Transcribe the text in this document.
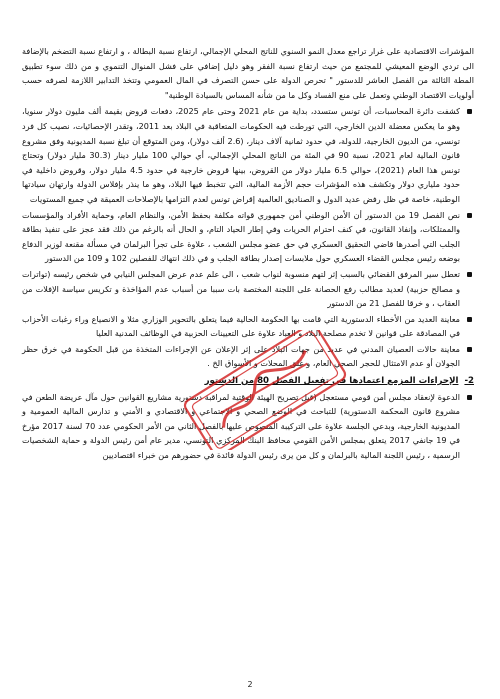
المؤشرات الاقتصادية على غرار تراجع معدل النمو السنوي للناتج المحلي الإجمالي، ارتفاع نسبة البطالة ، و ارتفاع نسبة التضخم بالإضافة الى تردي الوضع المعيشي للمجتمع من حيث ارتفاع نسبة الفقر وهو دليل إضافي على فشل المنوال التنموي و من ذلك سوء تطبيق المطة الثالثة من الفصل العاشر للدستور " تحرص الدولة على حسن التصرف في المال العمومي وتتخذ التدابير اللازمة لصرفه حسب أولويات الاقتصاد الوطني وتعمل على منع الفساد وكل ما من شأنه المساس بالسيادة الوطنية"

كشفت دائرة المحاسبات، أن تونس ستسدد، بداية من عام 2021 وحتى عام 2025، دفعات قروض بقيمة ألف مليون دولار سنويا، وهو ما يعكس معضلة الدين الخارجي، التي تورطت فيه الحكومات المتعاقبة في البلاد بعد 2011، وتقدر الإحصائيات، نصيب كل فرد تونسي، من الديون الخارجية، للدولة، في حدود ثمانية آلاف دينار، (2.6 ألف دولار)، ومن المتوقع أن تبلغ نسبة المديونية وفق مشروع قانون المالية لعام 2021، نسبة 90 في المئة من الناتج المحلي الإجمالي، أي حوالي 100 مليار دينار (30.3 مليار دولار) وتحتاج تونس هذا العام (2021)، حوالي 6.5 مليار دولار من القروض، بينها قروض خارجية في حدود 4.5 مليار دولار، وقروض داخلية في حدود ملياري دولار وتكشف هذه المؤشرات حجم الأزمة المالية، التي تتخبط فيها البلاد، وهو ما ينذر بإفلاس الدولة وارتهان سيادتها الوطنية، خاصة في ظل رفض عديد الدول و الصناديق العالمية إقراض تونس لعدم التزامها بالإصلاحات العميقة في جميع المستويات
نص الفصل 19 من الدستور أن الأمن الوطني أمن جمهوري قواته مكلفة بحفظ الأمن، والنظام العام، وحماية الأفراد والمؤسسات والممتلكات، وإنفاذ القانون، في كنف احترام الحريات وفي إطار الحياد التام، و الحال أنه بالرغم من ذلك فقد عجز على تنفيذ بطاقة الجلب التي أصدرها قاضي التحقيق العسكري في حق عضو مجلس الشعب ، علاوة على تجرأ البرلمان في مسألة مقنعة لوزير الدفاع بوضعه رئيس مجلس القضاء العسكري حول ملابسات إصدار بطاقة الجلب و في ذلك انتهاك للفصلين 102 و 109 من الدستور
تعطل سير المرفق القضائي بالسبب إثر لتهم منسوبة لنواب شعب ، الى علم عدم عرض المجلس النيابي في شخص رئيسه (تواترات و مصالح حزبية) لعديد مطالب رفع الحصانة على اللجنة المختصة بات سببا من أسباب عدم المؤاخذة و تكريس سياسة الإفلات من العقاب ، و خرقا للفصل 21 من الدستور
معاينة العديد من الأخطاء الدستورية التي قامت بها الحكومة الحالية فيما يتعلق بالتحوير الوزاري مثلا و الانصياع وراء رغبات الأحزاب في المصادقة على قوانين لا تخدم مصلحة البلاد و العباد علاوة على التعيينات الحزبية في الوظائف المدنية العليا
معاينة حالات العصيان المدني في عديد من جهات البلاد على إثر الإعلان عن الإجراءات المتخذة من قبل الحكومة في خرق حظر الجولان أو عدم الامتثال للحجر الصحي العام، و غلق المحلات و الأسواق الخ .
2-الإجراءات المزمع اعتمادها في تفعيل الفصل 80 من الدستور
الدعوة لإنعقاد مجلس أمن قومي مستعجل (قبل تصريح الهيئة الوقتية لمراقبة دستورية مشاريع القوانين حول مآل عريضة الطعن في مشروع قانون المحكمة الدستورية) للتباحث في الوضع الصحي و الاجتماعي و الاقتصادي و الأمني و تدارس المالية العمومية و المديونية الخارجية، وبدعي الجلسة علاوة على التركيبة المنصوص عليها بالفصل الثاني من الأمر الحكومي عدد 70 لسنة 2017 مؤرخ في 19 جانفي 2017 يتعلق بمجلس الأمن القومي محافظ البنك المركزي التونسي، مدير عام أمن رئيس الدولة و حماية الشخصيات الرسمية ، رئيس اللجنة المالية بالبرلمان و كل من يرى رئيس الدولة فائدة في حضورهم من خبراء اقتصاديين
2
